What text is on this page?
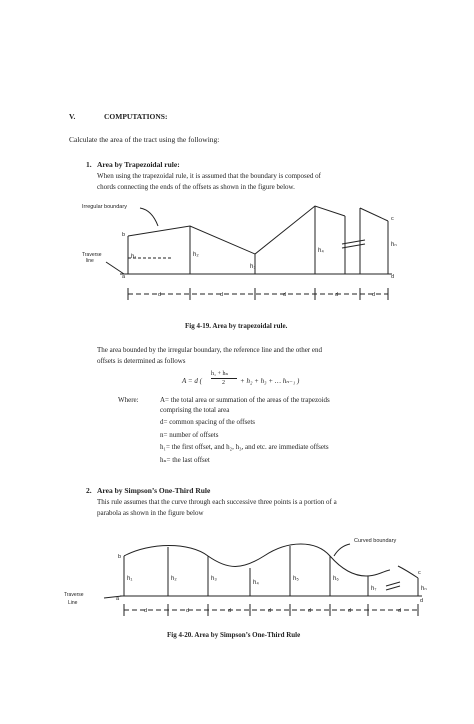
V.	COMPUTATIONS:
Calculate the area of the tract using the following:
1. Area by Trapezoidal rule:
When using the trapezoidal rule, it is assumed that the boundary is composed of
chords connecting the ends of the offsets as shown in the figure below.
Irregular boundary
Traverse
line
h₁	h₂
h₃
h₄
hₙ
b
a
c
d
d	d	d	d	d
Fig 4-19. Area by trapezoidal rule.
The area bounded by the irregular boundary, the reference line and the other end
offsets is determined as follows
A = d (
h₁ + hₙ
2 + h₂ + h₃ + … hₙ₋₁ )
Where:	A= the total area or summation of the areas of the trapezoids
comprising the total area
d= common spacing of the offsets
n= number of offsets
h₁= the first offset, and h₂, h₃, and etc. are immediate offsets
hₙ= the last offset
2. Area by Simpson’s One-Third Rule
This rule assumes that the curve through each successive three points is a portion of a
parabola as shown in the figure below
Curved boundary
Traverse
Line
h₁	h₂	h₃
h₄
h₅	h₆
h₇	hₙ
b
a
c
d
d	d	d	d	d	d	d
Fig 4-20. Area by Simpson’s One-Third Rule
